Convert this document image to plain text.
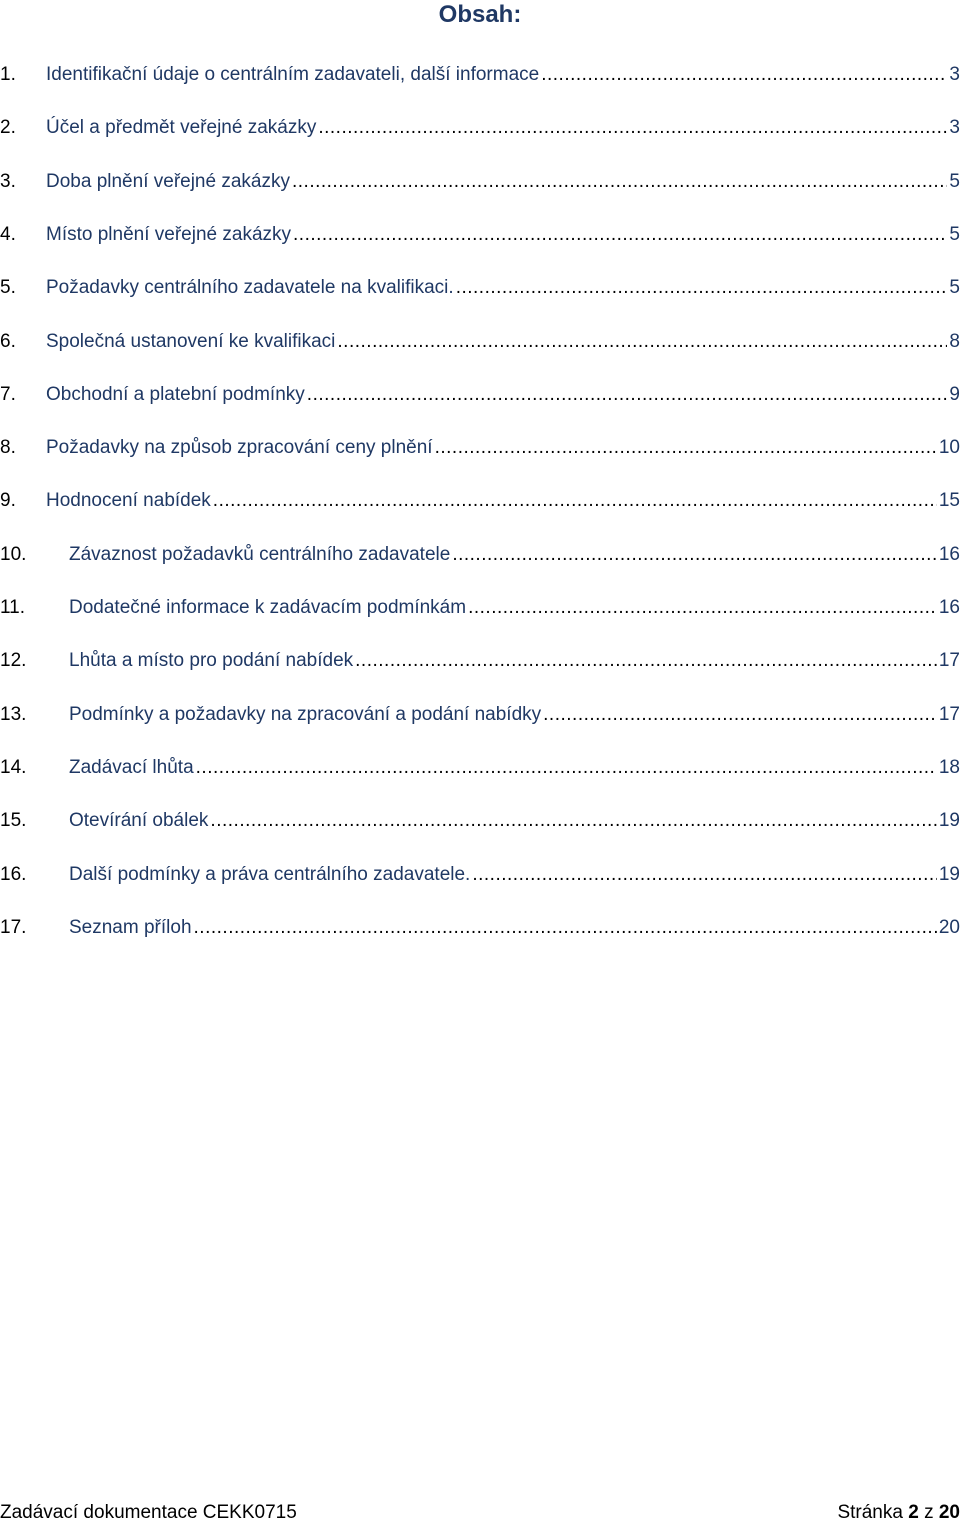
Obsah:
1.	Identifikační údaje o centrálním zadavateli, další informace .....	3
2.	Účel a předmět veřejné zakázky .....	3
3.	Doba plnění veřejné zakázky .....	5
4.	Místo plnění veřejné zakázky .....	5
5.	Požadavky centrálního zadavatele na kvalifikaci. .....	5
6.	Společná ustanovení ke kvalifikaci .....	8
7.	Obchodní a platební podmínky .....	9
8.	Požadavky na způsob zpracování ceny plnění .....	10
9.	Hodnocení nabídek .....	15
10.	Závaznost požadavků centrálního zadavatele .....	16
11.	Dodatečné informace k zadávacím podmínkám .....	16
12.	Lhůta a místo pro podání nabídek .....	17
13.	Podmínky a požadavky na zpracování a podání nabídky .....	17
14.	Zadávací lhůta .....	18
15.	Otevírání obálek .....	19
16.	Další podmínky a práva centrálního zadavatele. .....	19
17.	Seznam příloh .....	20
Zadávací dokumentace CEKK0715	Stránka 2 z 20
